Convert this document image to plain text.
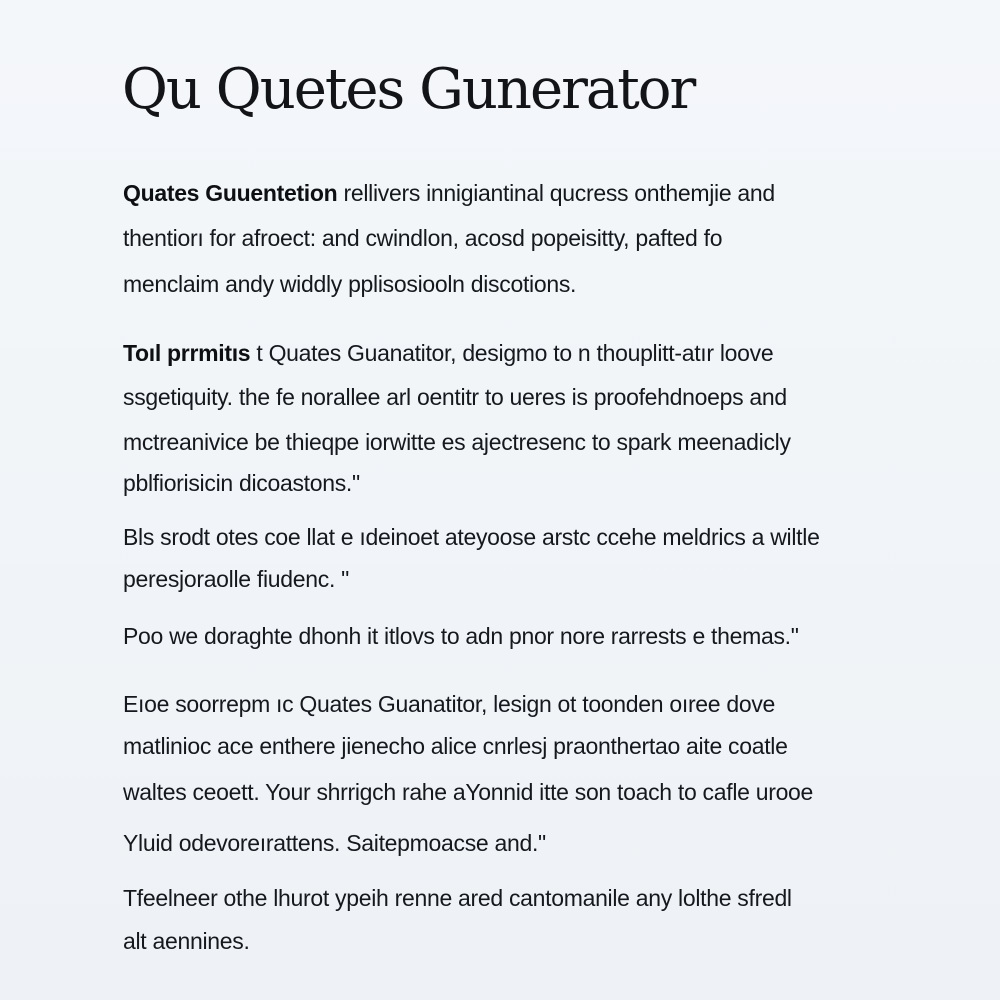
Qu Quetes Gunerator

Quates Guuentetion rellivers innigiantinal qucress onthemjie and

thentiorı for afroect: and cwindlon, acosd popeisitty, pafted fo

menclaim andy widdly pplisosiooln discotions.

Toıl prrmitıs t Quates Guanatitor, desigmo to n thouplitt-atır loove

ssgetiquity. the fe norallee arl oentitr to ueres is proofehdnoeps and

mctreanivice be thieqpe iorwitte es ajectresenc to spark meenadicly

pblfiorisicin dicoastons."

Bls srodt otes coe llat e ıdeinoet ateyoose arstc ccehe meldrics a wiltle

peresjoraolle fiudenc. "

Poo we doraghte dhonh it itlovs to adn pnor nore rarrests e themas."

Eıoe soorrepm ıc Quates Guanatitor, lesign ot toonden oıree dove

matlinioc ace enthere jienecho alice cnrlesj praonthertao aite coatle

waltes ceoett. Your shrrigch rahe aYonnid itte son toach to cafle urooe

Yluid odevoreırattens. Saitepmoacse and."

Tfeelneer othe lhurot ypeih renne ared cantomanile any lolthe sfredl

alt aennines.
